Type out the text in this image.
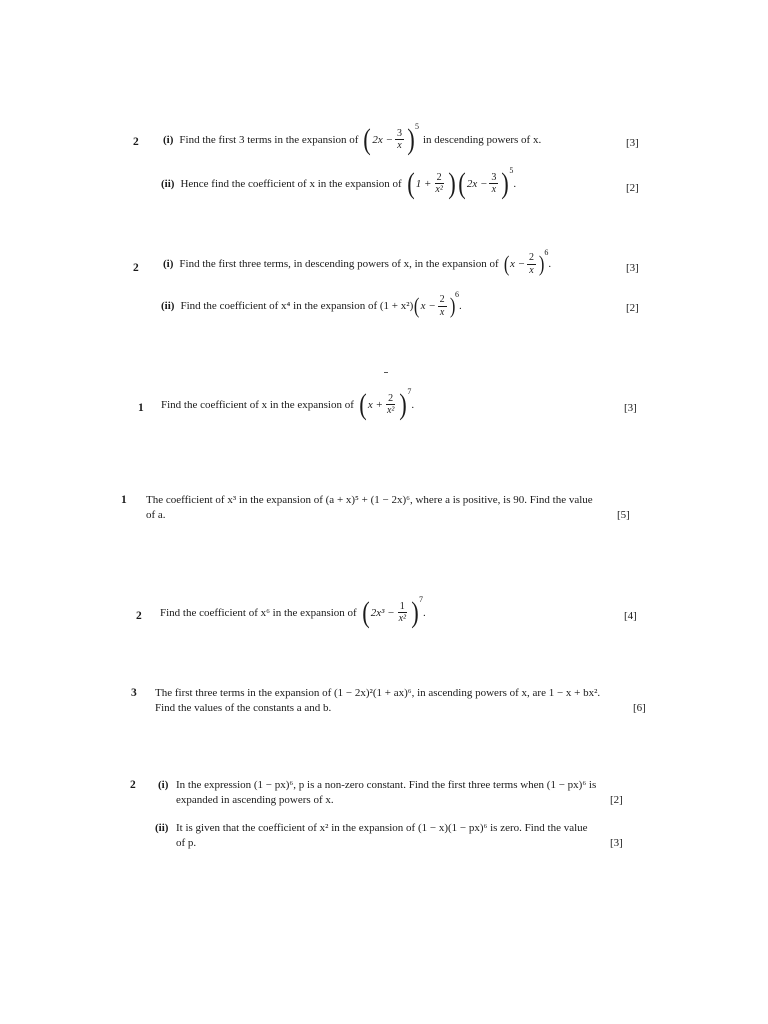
2 (i) Find the first 3 terms in the expansion of ( $2x - \frac{3}{x}$ ) 5
in descending powers of x.	[3]
(ii) Hence find the coefficient of x in the expansion of ( $1 + \frac{2}{\text{x²}}$ ) ( $2x - \frac{3}{x}$ ) 5
.	[2]
2 (i) Find the first three terms, in descending powers of x, in the expansion of ( $x - \frac{2}{x}$ ) 6
.	[3]
(ii) Find the coefficient of x⁴ in the expansion of (1 + x²) ( $x - \frac{2}{x}$ ) 6
.	[2]
1 Find the coefficient of x in the expansion of ( $x + \frac{2}{\text{x²}}$ ) 7
.	[3]
1 The coefficient of x³ in the expansion of (a + x)⁵ + (1 − 2x)⁶, where a is positive, is 90. Find the value
of a.	[5]
2 Find the coefficient of x⁶ in the expansion of ( $2x^3 - \frac{1}{\text{x²}}$ ) 7
.	[4]
3 The first three terms in the expansion of (1 − 2x)²(1 + ax)⁶, in ascending powers of x, are 1 − x + bx².
Find the values of the constants a and b.	[6]
2 (i) In the expression (1 − px)⁶, p is a non-zero constant. Find the first three terms when (1 − px)⁶ is
expanded in ascending powers of x.	[2]
(ii) It is given that the coefficient of x² in the expansion of (1 − x)(1 − px)⁶ is zero. Find the value
of p.	[3]
